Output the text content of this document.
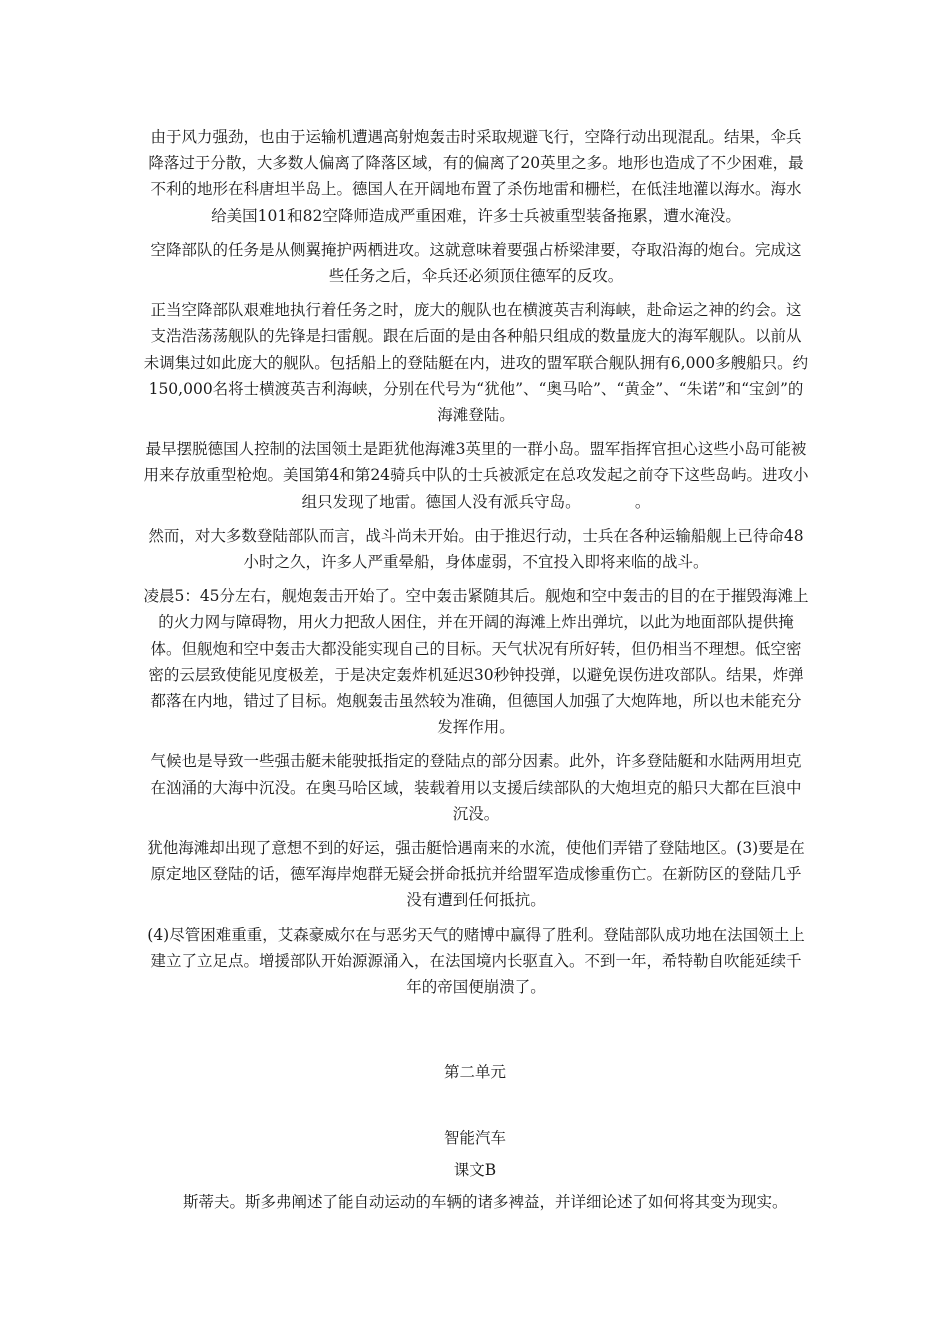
由于风力强劲，也由于运输机遭遇高射炮轰击时采取规避飞行，空降行动出现混乱。结果，伞兵降落过于分散，大多数人偏离了降落区域，有的偏离了20英里之多。地形也造成了不少困难，最不利的地形在科唐坦半岛上。德国人在开阔地布置了杀伤地雷和栅栏，在低洼地灌以海水。海水给美国101和82空降师造成严重困难，许多士兵被重型装备拖累，遭水淹没。

空降部队的任务是从侧翼掩护两栖进攻。这就意味着要强占桥梁津要，夺取沿海的炮台。完成这些任务之后，伞兵还必须顶住德军的反攻。

正当空降部队艰难地执行着任务之时，庞大的舰队也在横渡英吉利海峡，赴命运之神的约会。这支浩浩荡荡舰队的先锋是扫雷舰。跟在后面的是由各种船只组成的数量庞大的海军舰队。以前从未调集过如此庞大的舰队。包括船上的登陆艇在内，进攻的盟军联合舰队拥有6,000多艘船只。约150,000名将士横渡英吉利海峡，分别在代号为“犹他”、“奥马哈”、“黄金”、“朱诺”和“宝剑”的海滩登陆。

最早摆脱德国人控制的法国领土是距犹他海滩3英里的一群小岛。盟军指挥官担心这些小岛可能被用来存放重型枪炮。美国第4和第24骑兵中队的士兵被派定在总攻发起之前夺下这些岛屿。进攻小组只发现了地雷。德国人没有派兵守岛。　　　　。

然而，对大多数登陆部队而言，战斗尚未开始。由于推迟行动，士兵在各种运输船舰上已待命48小时之久，许多人严重晕船，身体虚弱，不宜投入即将来临的战斗。

凌晨5：45分左右，舰炮轰击开始了。空中轰击紧随其后。舰炮和空中轰击的目的在于摧毁海滩上的火力网与障碍物，用火力把敌人困住，并在开阔的海滩上炸出弹坑，以此为地面部队提供掩体。但舰炮和空中轰击大都没能实现自己的目标。天气状况有所好转，但仍相当不理想。低空密密的云层致使能见度极差，于是决定轰炸机延迟30秒钟投弹，以避免误伤进攻部队。结果，炸弹都落在内地，错过了目标。炮舰轰击虽然较为准确，但德国人加强了大炮阵地，所以也未能充分发挥作用。

气候也是导致一些强击艇未能驶抵指定的登陆点的部分因素。此外，许多登陆艇和水陆两用坦克在汹涌的大海中沉没。在奥马哈区域，装载着用以支援后续部队的大炮坦克的船只大都在巨浪中沉没。

犹他海滩却出现了意想不到的好运，强击艇恰遇南来的水流，使他们弄错了登陆地区。(3)要是在原定地区登陆的话，德军海岸炮群无疑会拼命抵抗并给盟军造成惨重伤亡。在新防区的登陆几乎没有遭到任何抵抗。

(4)尽管困难重重，艾森豪威尔在与恶劣天气的赌博中赢得了胜利。登陆部队成功地在法国领土上建立了立足点。增援部队开始源源涌入，在法国境内长驱直入。不到一年，希特勒自吹能延续千年的帝国便崩溃了。

第二单元

智能汽车

课文B

斯蒂夫。斯多弗阐述了能自动运动的车辆的诸多裨益，并详细论述了如何将其变为现实。
